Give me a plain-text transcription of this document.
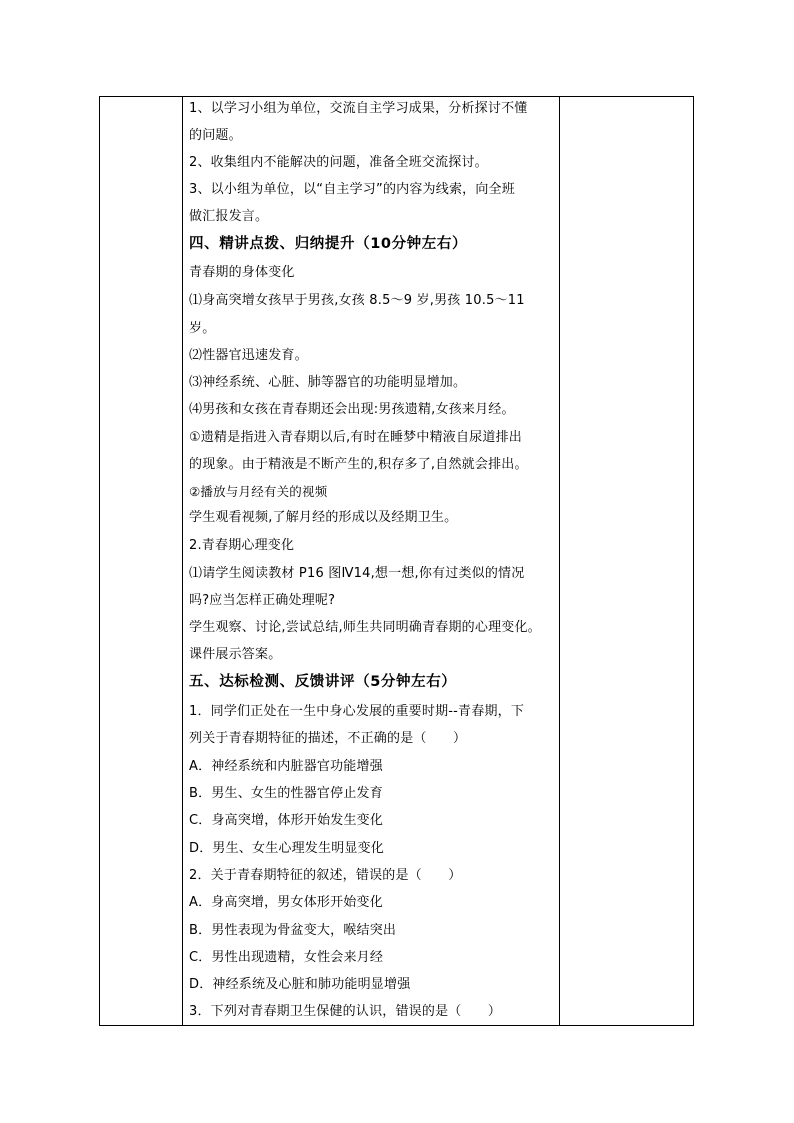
1、以学习小组为单位，交流自主学习成果，分析探讨不懂
的问题。
2、收集组内不能解决的问题，准备全班交流探讨。
3、以小组为单位，以“自主学习”的内容为线索，向全班
做汇报发言。
四、精讲点拨、归纳提升（10分钟左右）
青春期的身体变化
⑴身高突增女孩早于男孩,女孩 8.5～9 岁,男孩 10.5～11
岁。
⑵性器官迅速发育。
⑶神经系统、心脏、肺等器官的功能明显增加。
⑷男孩和女孩在青春期还会出现:男孩遗精,女孩来月经。
①遗精是指进入青春期以后,有时在睡梦中精液自尿道排出
的现象。由于精液是不断产生的,积存多了,自然就会排出。
②播放与月经有关的视频
学生观看视频,了解月经的形成以及经期卫生。
2.青春期心理变化
⑴请学生阅读教材 P16 图Ⅳ14,想一想,你有过类似的情况
吗?应当怎样正确处理呢?
学生观察、讨论,尝试总结,师生共同明确青春期的心理变化。
课件展示答案。
五、达标检测、反馈讲评（5分钟左右）
1．同学们正处在一生中身心发展的重要时期--青春期，下
列关于青春期特征的描述，不正确的是（　　）
A．神经系统和内脏器官功能增强
B．男生、女生的性器官停止发育
C．身高突增，体形开始发生变化
D．男生、女生心理发生明显变化
2．关于青春期特征的叙述，错误的是（　　）
A．身高突增，男女体形开始变化
B．男性表现为骨盆变大，喉结突出
C．男性出现遗精，女性会来月经
D．神经系统及心脏和肺功能明显增强
3．下列对青春期卫生保健的认识，错误的是（　　）
